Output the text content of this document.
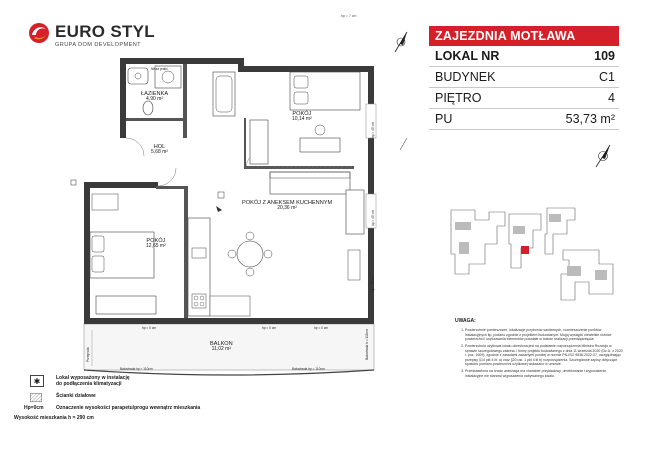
EURO STYL
GRUPA DOM DEVELOPMENT
hp = 7 cm
ŁAZIENKA
4,90 m²
HOL
5,68 m²
POKÓJ
10,14 m²
POKÓJ Z ANEKSEM KUCHENNYM
20,36 m²
POKÓJ
12,65 m²
BALKON
11,02 m²
Nisza pralki
hp = 45 cm
hp = 45 cm
hp = 45 cm
hp = 0 cm	hp = 0 cm	hp = 0 cm
Balustrada hp = 110cm	Balustrada hp = 110cm
Przegroda	Balustrada h = 110cm
ZAJEZDNIA MOTŁAWA
LOKAL NR	109
BUDYNEK	C1
PIĘTRO	4
PU	53,73 m²
UWAGA:
1. Powierzchnie pomieszczeń, lokalizacje przyborów sanitarnych, rozmieszczenie punktów instalacyjnych itp. podano zgodnie z projektem budowlanym. Mogą wystąpić niewielkie różnice powierzchni i usytuowania elementów powstałe w trakcie realizacji przedsięwzięcia.
2. Powierzchnia użytkowa lokalu określona jest na podstawie rozporządzenia Ministra Rozwoju w sprawie szczegółowego zakresu i formy projektu budowlanego z dnia 11 września 2020 (Dz.U. z 2020 r. poz. 1609), zgodnie z zasadami zawartymi poniżej w normie PN-ISO 9836:2022-07, uwzględniając przepisy §14 pkt 4 lit. a) oraz §20 ust. 1 pkt 4 lit b) rozporządzenia. Szczegółowe zapisy dotyczące sposobu pomiaru powierzchni użytkowej wskazano w umowie.
3. Przedstawiona na rzucie aranżacja ma charakter przykładowy, umeblowanie i wyposażenie instalacyjne nie stanowi wyposażenia nabywanego lokalu.
✱	Lokal wyposażony w instalację
do podłączenia klimatyzacji
Ścianki działowe
Hp=0cm Oznaczenie wysokości parapetu/progu wewnątrz mieszkania
Wysokość mieszkania h = 290 cm
